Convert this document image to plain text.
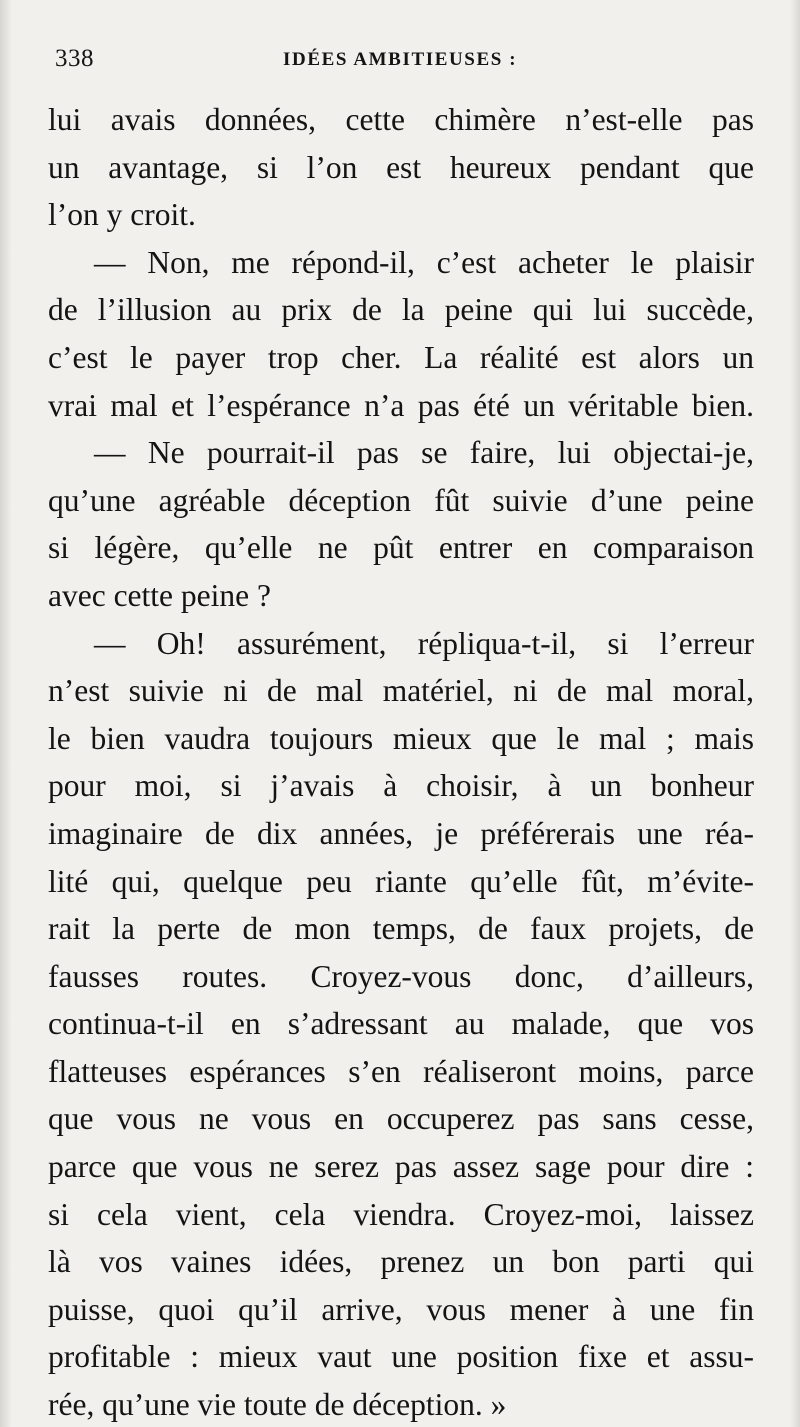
338	IDÉES AMBITIEUSES :
lui avais données, cette chimère n’est-elle pas
un avantage, si l’on est heureux pendant que
l’on y croit.
— Non, me répond-il, c’est acheter le plaisir
de l’illusion au prix de la peine qui lui succède,
c’est le payer trop cher. La réalité est alors un
vrai mal et l’espérance n’a pas été un véritable bien.
— Ne pourrait-il pas se faire, lui objectai-je,
qu’une agréable déception fût suivie d’une peine
si légère, qu’elle ne pût entrer en comparaison
avec cette peine ?
— Oh! assurément, répliqua-t-il, si l’erreur
n’est suivie ni de mal matériel, ni de mal moral,
le bien vaudra toujours mieux que le mal ; mais
pour moi, si j’avais à choisir, à un bonheur
imaginaire de dix années, je préférerais une réa-
lité qui, quelque peu riante qu’elle fût, m’évite-
rait la perte de mon temps, de faux projets, de
fausses routes. Croyez-vous donc, d’ailleurs,
continua-t-il en s’adressant au malade, que vos
flatteuses espérances s’en réaliseront moins, parce
que vous ne vous en occuperez pas sans cesse,
parce que vous ne serez pas assez sage pour dire :
si cela vient, cela viendra. Croyez-moi, laissez
là vos vaines idées, prenez un bon parti qui
puisse, quoi qu’il arrive, vous mener à une fin
profitable : mieux vaut une position fixe et assu-
rée, qu’une vie toute de déception. »
